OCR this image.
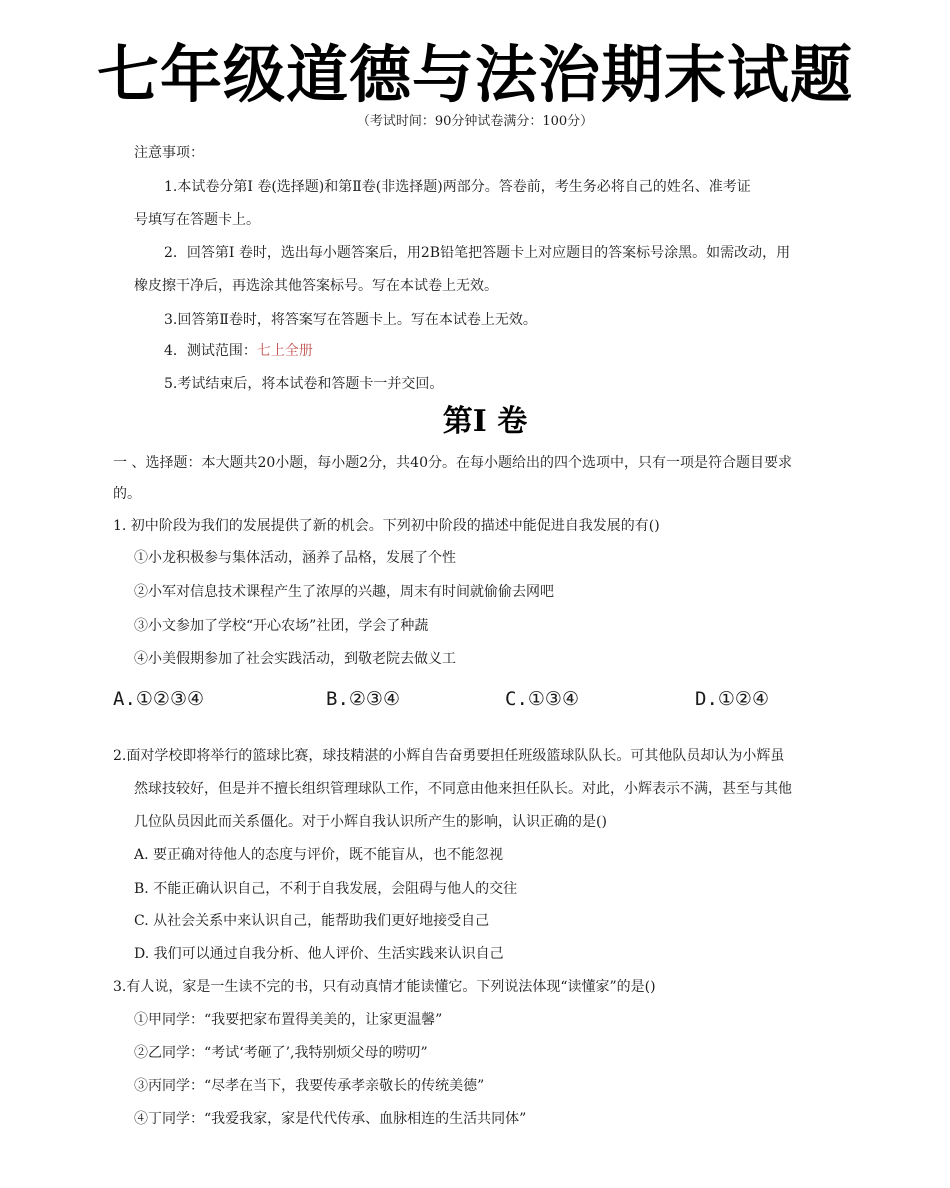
七年级道德与法治期末试题
（考试时间：90分钟试卷满分：100分）
注意事项：
1.本试卷分第I 卷(选择题)和第Ⅱ卷(非选择题)两部分。答卷前，考生务必将自己的姓名、准考证
号填写在答题卡上。
2．回答第I 卷时，选出每小题答案后，用2B铅笔把答题卡上对应题目的答案标号涂黑。如需改动，用
橡皮擦干净后，再选涂其他答案标号。写在本试卷上无效。
3.回答第Ⅱ卷时，将答案写在答题卡上。写在本试卷上无效。
4．测试范围：七上全册
5.考试结束后，将本试卷和答题卡一并交回。
第I 卷
一 、选择题：本大题共20小题，每小题2分，共40分。在每小题给出的四个选项中，只有一项是符合题目要求
的。
1. 初中阶段为我们的发展提供了新的机会。下列初中阶段的描述中能促进自我发展的有()
①小龙积极参与集体活动，涵养了品格，发展了个性
②小军对信息技术课程产生了浓厚的兴趣，周末有时间就偷偷去网吧
③小文参加了学校“开心农场”社团，学会了种蔬
④小美假期参加了社会实践活动，到敬老院去做义工
A.①②③④	B.②③④	C.①③④	D.①②④
2.面对学校即将举行的篮球比赛，球技精湛的小辉自告奋勇要担任班级篮球队队长。可其他队员却认为小辉虽
然球技较好，但是并不擅长组织管理球队工作，不同意由他来担任队长。对此，小辉表示不满，甚至与其他
几位队员因此而关系僵化。对于小辉自我认识所产生的影响，认识正确的是()
A. 要正确对待他人的态度与评价，既不能盲从，也不能忽视
B. 不能正确认识自己，不利于自我发展，会阻碍与他人的交往
C. 从社会关系中来认识自己，能帮助我们更好地接受自己
D. 我们可以通过自我分析、他人评价、生活实践来认识自己
3.有人说，家是一生读不完的书，只有动真情才能读懂它。下列说法体现“读懂家”的是()
①甲同学：“我要把家布置得美美的，让家更温馨”
②乙同学：“考试‘考砸了’,我特别烦父母的唠叨”
③丙同学：“尽孝在当下，我要传承孝亲敬长的传统美德”
④丁同学：“我爱我家，家是代代传承、血脉相连的生活共同体”
